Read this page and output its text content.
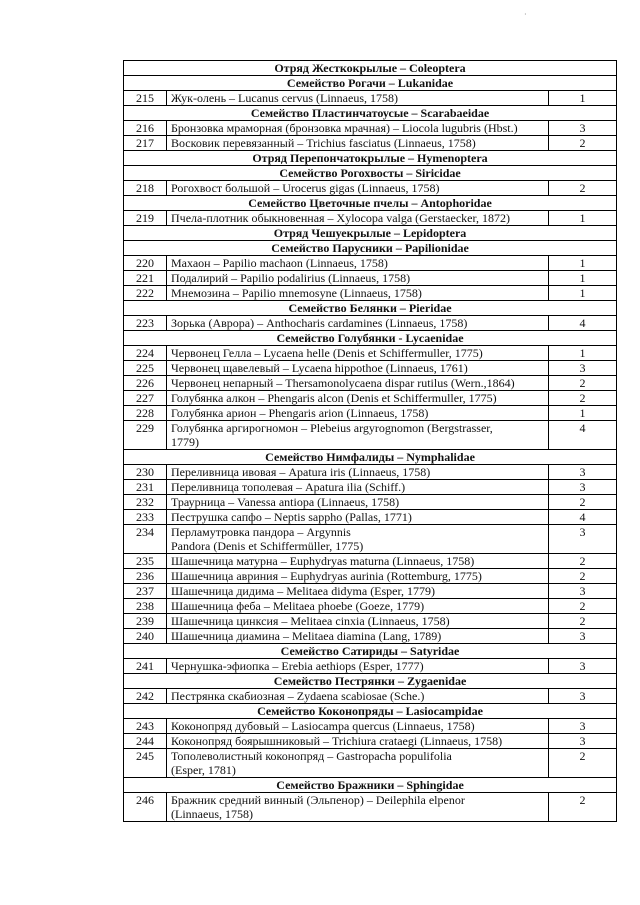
·
Отряд Жесткокрылые – Coleoptera		
Семейство Рогачи – Lukanidae		
215	Жук-олень – Lucanus cervus (Linnaeus, 1758)	1
Семейство Пластинчатоусые – Scarabaeidae		
216	Бронзовка мраморная (бронзовка мрачная) – Liocola lugubris (Hbst.)	3
217	Восковик перевязанный – Trichius fasciatus (Linnaeus, 1758)	2
Отряд Перепончатокрылые – Hymenoptera		
Семейство Рогохвосты – Siricidae		
218	Рогохвост большой – Urocerus gigas (Linnaeus, 1758)	2
Семейство Цветочные пчелы – Antophoridae		
219	Пчела-плотник обыкновенная – Xylocopa valga (Gerstaecker, 1872)	1
Отряд Чешуекрылые – Lepidoptera		
Семейство Парусники – Papilionidae		
220	Махаон – Papilio machaon (Linnaeus, 1758)	1
221	Подалирий – Papilio podalirius (Linnaeus, 1758)	1
222	Мнемозина – Papilio mnemosyne (Linnaeus, 1758)	1
Семейство Белянки – Pieridae		
223	Зорька (Аврора) – Anthocharis cardamines (Linnaeus, 1758)	4
Семейство Голубянки - Lycaenidae		
224	Червонец Гелла – Lycaena helle (Denis et Schiffermuller, 1775)	1
225	Червонец щавелевый – Lycaena hippothoe (Linnaeus, 1761)	3
226	Червонец непарный – Thersamonolycaena dispar rutilus (Wern.,1864)	2
227	Голубянка алкон – Phengaris alcon (Denis et Schiffermuller, 1775)	2
228	Голубянка арион – Phengaris arion (Linnaeus, 1758)	1
229	Голубянка аргирогномон – Plebeius argyrognomon (Bergstrasser,
1779)	4
Семейство Нимфалиды – Nymphalidae		
230	Переливница ивовая – Apatura iris (Linnaeus, 1758)	3
231	Переливница тополевая – Apatura ilia (Schiff.)	3
232	Траурница – Vanessa antiopa (Linnaeus, 1758)	2
233	Пеструшка сапфо – Neptis sappho (Pallas, 1771)	4
234	Перламутровка пандора – Argynnis
Pandora (Denis et Schiffermüller, 1775)	3
235	Шашечница матурна – Euphydryas maturna (Linnaeus, 1758)	2
236	Шашечница авриния – Euphydryas aurinia (Rottemburg, 1775)	2
237	Шашечница дидима – Melitaea didyma (Esper, 1779)	3
238	Шашечница феба – Melitaea phoebe (Goeze, 1779)	2
239	Шашечница цинксия – Melitaea cinxia (Linnaeus, 1758)	2
240	Шашечница диамина – Melitaea diamina (Lang, 1789)	3
Семейство Сатириды – Satyridae		
241	Чернушка-эфиопка – Erebia aethiops (Esper, 1777)	3
Семейство Пестрянки – Zygaenidae		
242	Пестрянка скабиозная – Zydaena scabiosae (Sche.)	3
Семейство Коконопряды – Lasiocampidae		
243	Коконопряд дубовый – Lasiocampa quercus (Linnaeus, 1758)	3
244	Коконопряд боярышниковый – Trichiura crataegi (Linnaeus, 1758)	3
245	Тополеволистный коконопряд – Gastropacha populifolia
(Esper, 1781)	2
Семейство Бражники – Sphingidae		
246	Бражник средний винный (Эльпенор) – Deilephila elpenor
(Linnaeus, 1758)	2
